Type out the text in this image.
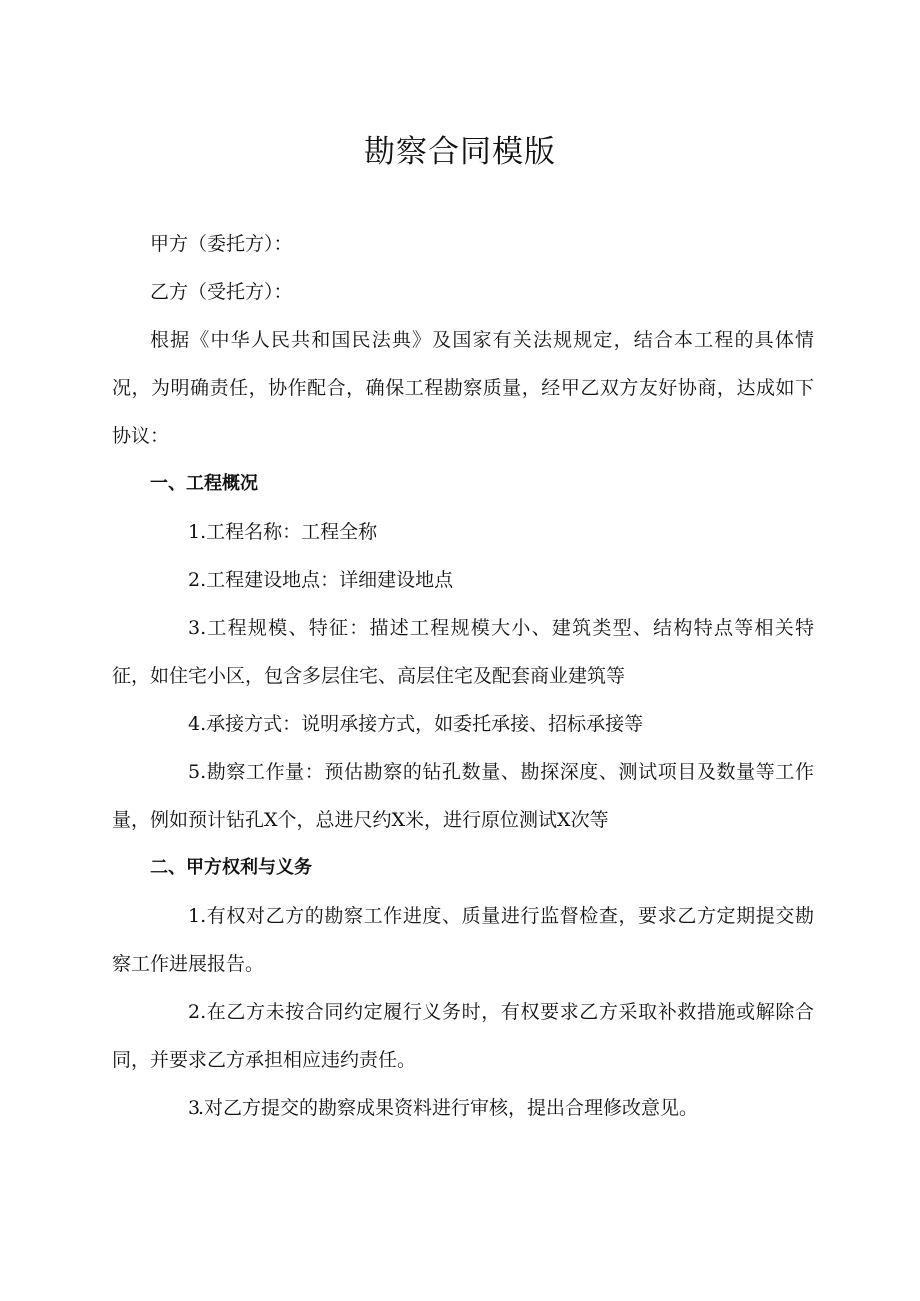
勘察合同模版

甲方（委托方）：

乙方（受托方）：

根据《中华人民共和国民法典》及国家有关法规规定，结合本工程的具体情况，为明确责任，协作配合，确保工程勘察质量，经甲乙双方友好协商，达成如下协议：

一、工程概况

1.工程名称：工程全称

2.工程建设地点：详细建设地点

3.工程规模、特征：描述工程规模大小、建筑类型、结构特点等相关特征，如住宅小区，包含多层住宅、高层住宅及配套商业建筑等

4.承接方式：说明承接方式，如委托承接、招标承接等

5.勘察工作量：预估勘察的钻孔数量、勘探深度、测试项目及数量等工作量，例如预计钻孔X个，总进尺约X米，进行原位测试X次等

二、甲方权利与义务

1.有权对乙方的勘察工作进度、质量进行监督检查，要求乙方定期提交勘察工作进展报告。

2.在乙方未按合同约定履行义务时，有权要求乙方采取补救措施或解除合同，并要求乙方承担相应违约责任。

3.对乙方提交的勘察成果资料进行审核，提出合理修改意见。
